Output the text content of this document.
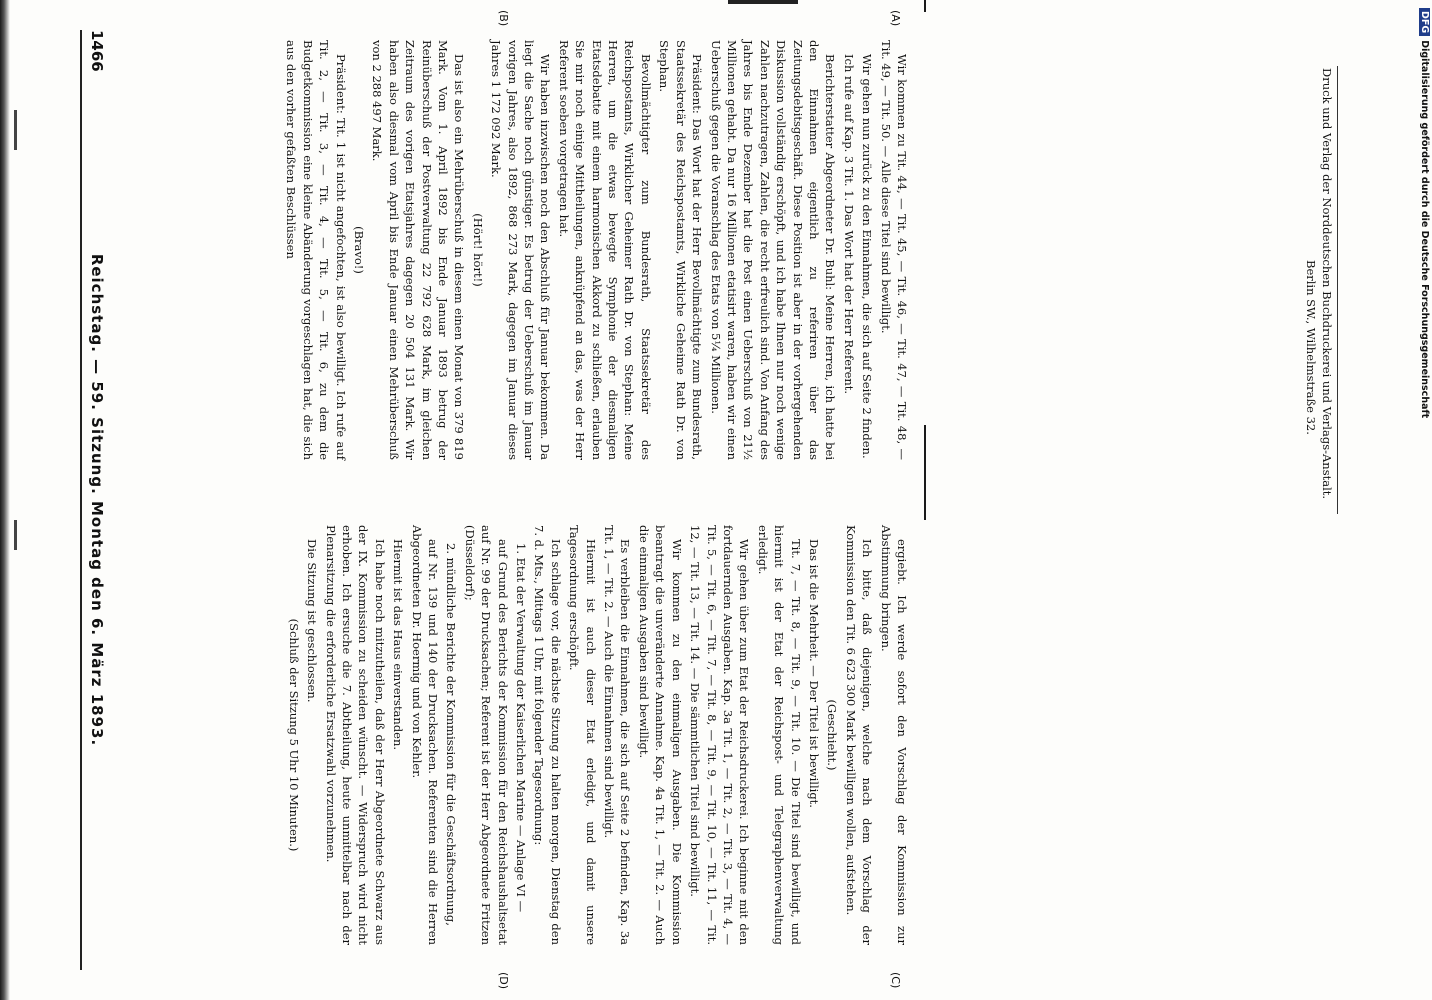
1466
Reichstag. — 59. Sitzung. Montag den 6. März 1893.
(A)
(B)
(C)
(D)

Wir kommen zu Tit. 44, — Tit. 45, — Tit. 46, — Tit. 47, — Tit. 48, — Tit. 49, — Tit. 50. — Alle diese Titel sind bewilligt.

Wir gehen nun zurück zu den Einnahmen, die sich auf Seite 2 finden.

Ich rufe auf Kap. 3 Tit. 1. Das Wort hat der Herr Referent.

Berichterstatter Abgeordneter Dr. Buhl: Meine Herren, ich hatte bei den Einnahmen eigentlich zu referiren über das Zeitungsdebitsgeschäft. Diese Position ist aber in der vorhergehenden Diskussion vollständig erschöpft, und ich habe Ihnen nur noch wenige Zahlen nachzutragen, Zahlen, die recht erfreulich sind. Von Anfang des Jahres bis Ende Dezember hat die Post einen Ueberschuß von 21½ Millionen gehabt. Da nur 16 Millionen etatisirt waren, haben wir einen Ueberschuß gegen die Voranschlag des Etats von 5¼ Millionen.

Präsident: Das Wort hat der Herr Bevollmächtigte zum Bundesrath, Staatssekretär des Reichspostamts, Wirkliche Geheime Rath Dr. von Stephan.

Bevollmächtigter zum Bundesrath, Staatssekretär des Reichspostamts, Wirklicher Geheimer Rath Dr. von Stephan: Meine Herren, um die etwas bewegte Symphonie der diesmaligen Etatsdebatte mit einem harmonischen Akkord zu schließen, erlauben Sie mir noch einige Mittheilungen, anknüpfend an das, was der Herr Referent soeben vorgetragen hat.

Wir haben inzwischen noch den Abschluß für Januar bekommen. Da liegt die Sache noch günstiger. Es betrug der Ueberschuß im Januar vorigen Jahres, also 1892, 868 273 Mark, dagegen im Januar dieses Jahres 1 172 092 Mark.

(Hört! hört!)

Das ist also ein Mehrüberschuß in diesem einen Monat von 379 819 Mark. Vom 1. April 1892 bis Ende Januar 1893 betrug der Reinüberschuß der Postverwaltung 22 792 628 Mark, im gleichen Zeitraum des vorigen Etatsjahres dagegen 20 504 131 Mark. Wir haben also diesmal vom April bis Ende Januar einen Mehrüberschuß von 2 288 497 Mark.

(Bravo!)

Präsident: Tit. 1 ist nicht angefochten, ist also bewilligt. Ich rufe auf Tit. 2, — Tit. 3, — Tit. 4, — Tit. 5, — Tit. 6, zu dem die Budgetkommission eine kleine Abänderung vorgeschlagen hat, die sich aus den vorher gefaßten Beschlüssen

ergiebt. Ich werde sofort den Vorschlag der Kommission zur Abstimmung bringen.

Ich bitte, daß diejenigen, welche nach dem Vorschlag der Kommission den Tit. 6 623 300 Mark bewilligen wollen, aufstehen.

(Geschieht.)

Das ist die Mehrheit. — Der Titel ist bewilligt.

Tit. 7, — Tit. 8, — Tit. 9, — Tit. 10. — Die Titel sind bewilligt, und hiermit ist der Etat der Reichspost- und Telegraphenverwaltung erledigt.

Wir gehen über zum Etat der Reichsdruckerei. Ich beginne mit den fortdauernden Ausgaben. Kap. 3a Tit. 1, — Tit. 2, — Tit. 3, — Tit. 4, — Tit. 5, — Tit. 6, — Tit. 7, — Tit. 8, — Tit. 9, — Tit. 10, — Tit. 11, — Tit. 12, — Tit. 13, — Tit. 14. — Die sämmtlichen Titel sind bewilligt.

Wir kommen zu den einmaligen Ausgaben. Die Kommission beantragt die unveränderte Annahme. Kap. 4a Tit. 1, — Tit. 2. — Auch die einmaligen Ausgaben sind bewilligt.

Es verbleiben die Einnahmen, die sich auf Seite 2 befinden, Kap. 3a Tit. 1, — Tit. 2. — Auch die Einnahmen sind bewilligt.

Hiermit ist auch dieser Etat erledigt, und damit unsere Tagesordnung erschöpft.

Ich schlage vor, die nächste Sitzung zu halten morgen, Dienstag den 7. d. Mts., Mittags 1 Uhr, mit folgender Tagesordnung:

1. Etat der Verwaltung der Kaiserlichen Marine — Anlage VI —

auf Grund des Berichts der Kommission für den Reichshaushaltsetat auf Nr. 99 der Drucksachen; Referent ist der Herr Abgeordnete Fritzen (Düsseldorf);

2. mündliche Berichte der Kommission für die Geschäftsordnung,

auf Nr. 139 und 140 der Drucksachen. Referenten sind die Herren Abgeordneten Dr. Hoermig und von Kehler.

Hiermit ist das Haus einverstanden.

Ich habe noch mitzutheilen, daß der Herr Abgeordnete Schwarz aus der IX. Kommission zu scheiden wünscht. — Widerspruch wird nicht erhoben. Ich ersuche die 7. Abtheilung, heute unmittelbar nach der Plenarsitzung die erforderliche Ersatzwahl vorzunehmen.

Die Sitzung ist geschlossen.

(Schluß der Sitzung 5 Uhr 10 Minuten.)

Druck und Verlag der Norddeutschen Buchdruckerei und Verlags-Anstalt.
Berlin SW., Wilhelmstraße 32.
DFGDigitalisierung gefördert durch die Deutsche Forschungsgemeinschaft
